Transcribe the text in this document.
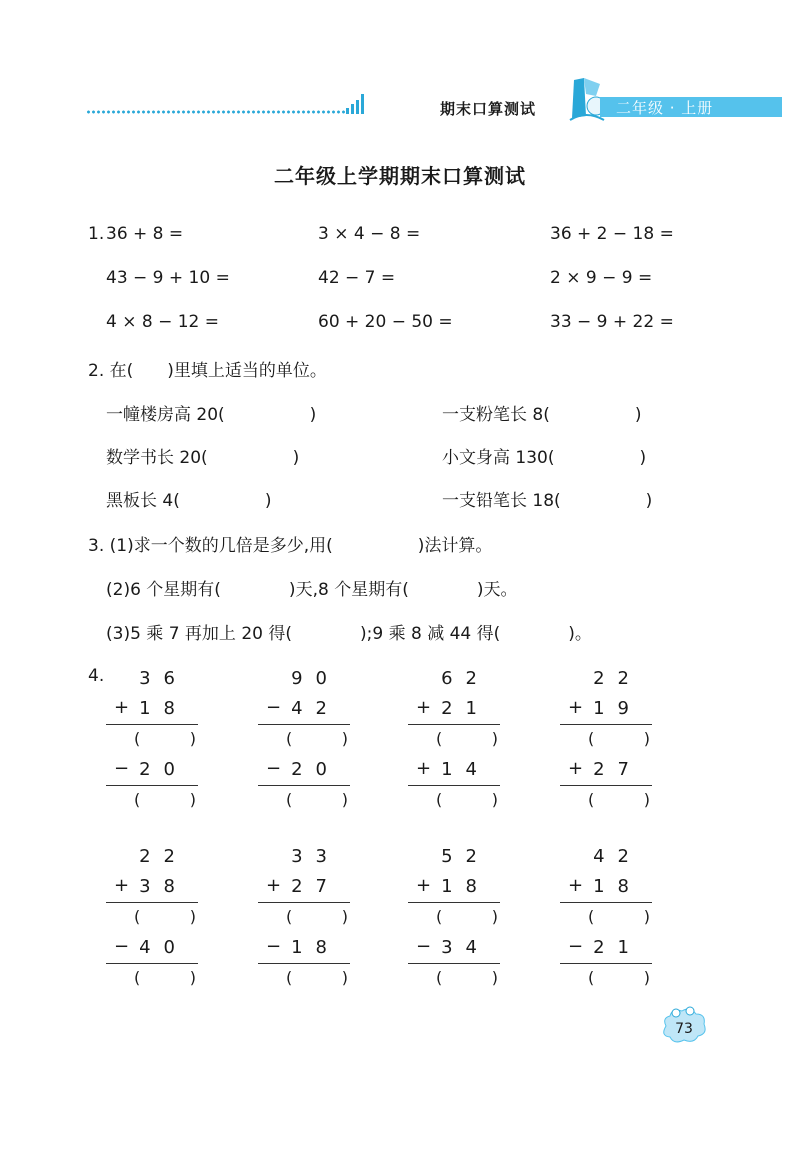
期末口算测试	二年级 · 上册
二年级上学期期末口算测试
1. 36 + 8 =	3 × 4 − 8 =	36 + 2 − 18 =
43 − 9 + 10 =	42 − 7 =	2 × 9 − 9 =
4 × 8 − 12 =	60 + 20 − 50 =	33 − 9 + 22 =
2. 在(　　)里填上适当的单位。
一幢楼房高 20(　　　　　)	一支粉笔长 8(　　　　　)
数学书长 20(　　　　　)	小文身高 130(　　　　　)
黑板长 4(　　　　　)	一支铅笔长 18(　　　　　)
3. (1)求一个数的几倍是多少,用(　　　　　)法计算。
(2)6 个星期有(　　　　)天,8 个星期有(　　　　)天。
(3)5 乘 7 再加上 20 得(　　　　);9 乘 8 减 44 得(　　　　)。
4. 36
+ 18
(	)
− 20
(	)
90
− 42
(	)
− 20
(	)
62
+ 21
(	)
+ 14
(	)
22
+ 19
(	)
+ 27
(	)
22
+ 38
(	)
− 40
(	)
33
+ 27
(	)
− 18
(	)
52
+ 18
(	)
− 34
(	)
42
+ 18
(	)
− 21
(	)
73
